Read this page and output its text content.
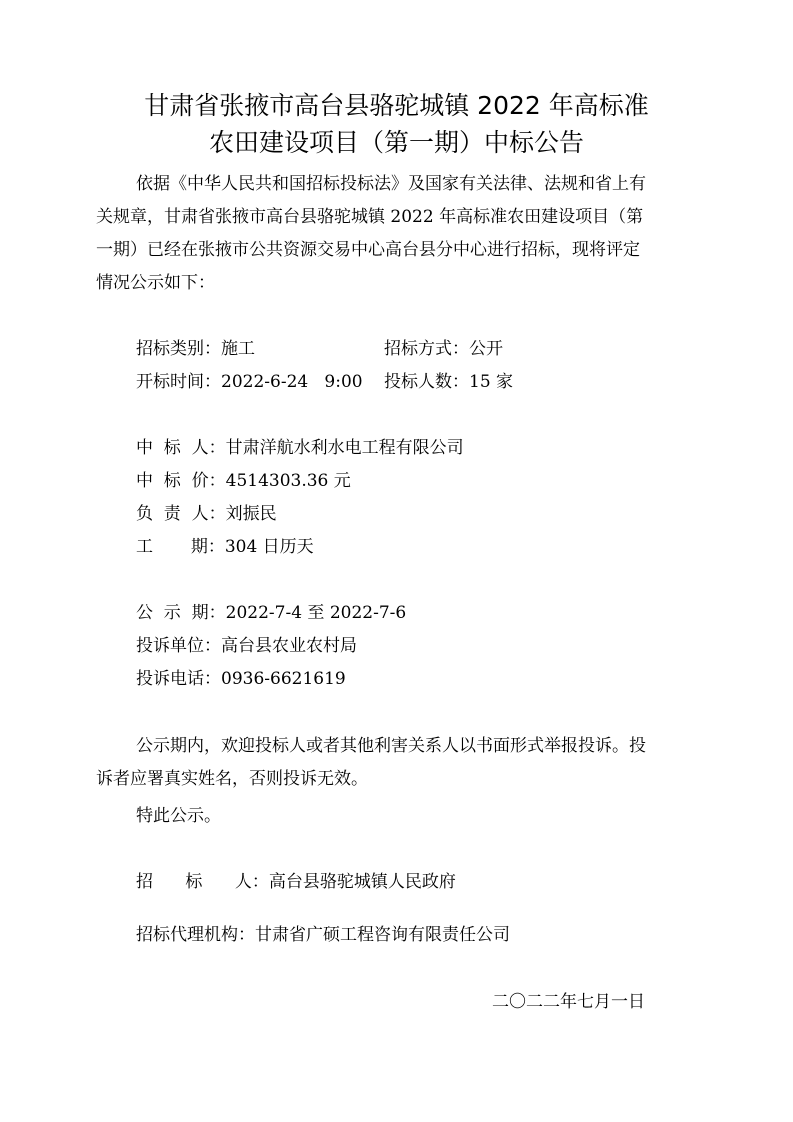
甘肃省张掖市高台县骆驼城镇 2022 年高标准
农田建设项目（第一期）中标公告
依据《中华人民共和国招标投标法》及国家有关法律、法规和省上有
关规章，甘肃省张掖市高台县骆驼城镇 2022 年高标准农田建设项目（第
一期）已经在张掖市公共资源交易中心高台县分中心进行招标，现将评定
情况公示如下：
招标类别：施工	招标方式：公开
开标时间：2022-6-24   9:00 投标人数：15 家
中  标  人：甘肃洋航水利水电工程有限公司
中  标  价：4514303.36 元
负  责  人：刘振民
工       期：304 日历天
公  示  期：2022-7-4 至 2022-7-6
投诉单位：高台县农业农村局
投诉电话：0936-6621619
公示期内，欢迎投标人或者其他利害关系人以书面形式举报投诉。投
诉者应署真实姓名，否则投诉无效。
特此公示。
招      标      人：高台县骆驼城镇人民政府
招标代理机构：甘肃省广硕工程咨询有限责任公司
二〇二二年七月一日
